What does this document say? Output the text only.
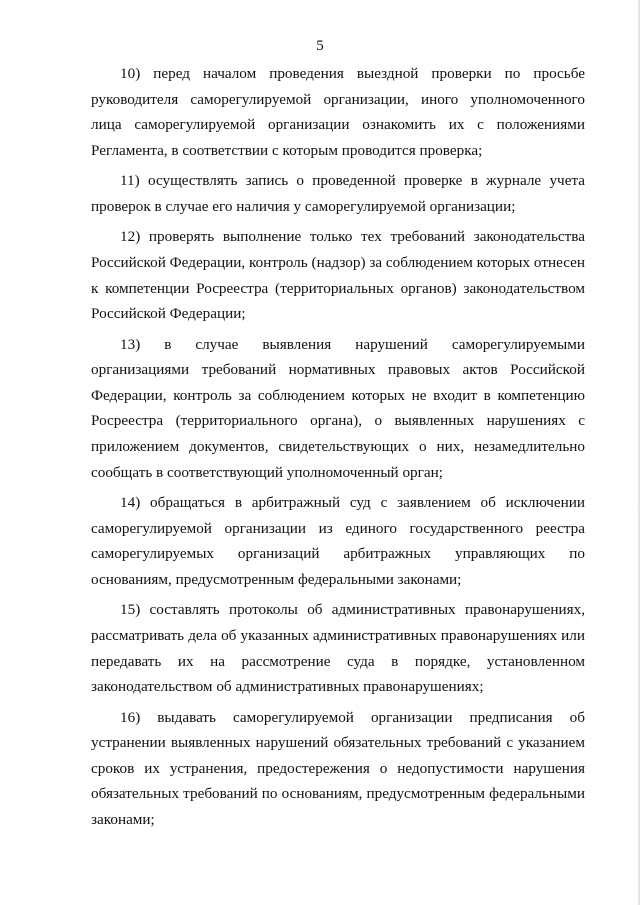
5

10) перед началом проведения выездной проверки по просьбе руководителя саморегулируемой организации, иного уполномоченного лица саморегулируемой организации ознакомить их с положениями Регламента, в соответствии с которым проводится проверка;

11) осуществлять запись о проведенной проверке в журнале учета проверок в случае его наличия у саморегулируемой организации;

12) проверять выполнение только тех требований законодательства Российской Федерации, контроль (надзор) за соблюдением которых отнесен к компетенции Росреестра (территориальных органов) законодательством Российской Федерации;

13) в случае выявления нарушений саморегулируемыми организациями требований нормативных правовых актов Российской Федерации, контроль за соблюдением которых не входит в компетенцию Росреестра (территориального органа), о выявленных нарушениях с приложением документов, свидетельствующих о них, незамедлительно сообщать в соответствующий уполномоченный орган;

14) обращаться в арбитражный суд с заявлением об исключении саморегулируемой организации из единого государственного реестра саморегулируемых организаций арбитражных управляющих по основаниям, предусмотренным федеральными законами;

15) составлять протоколы об административных правонарушениях, рассматривать дела об указанных административных правонарушениях или передавать их на рассмотрение суда в порядке, установленном законодательством об административных правонарушениях;

16) выдавать саморегулируемой организации предписания об устранении выявленных нарушений обязательных требований с указанием сроков их устранения, предостережения о недопустимости нарушения обязательных требований по основаниям, предусмотренным федеральными законами;
